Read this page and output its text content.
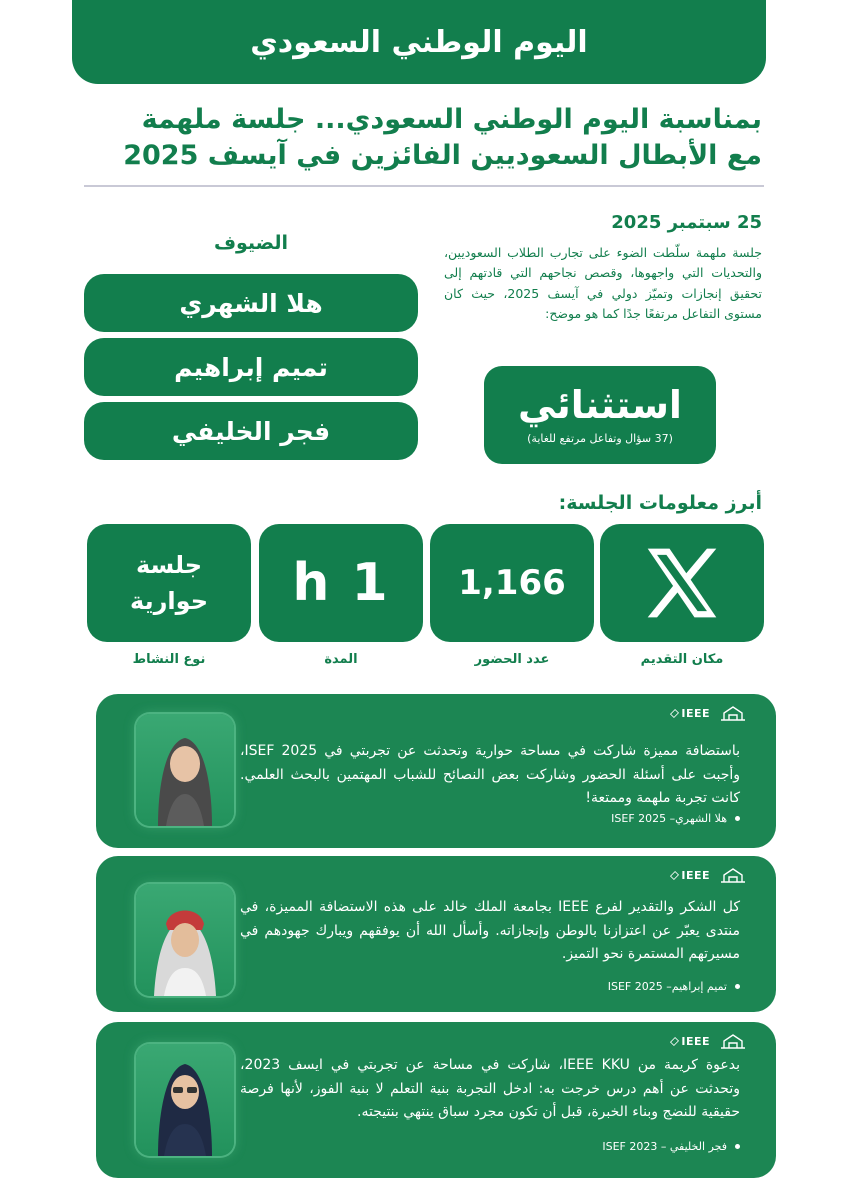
اليوم الوطني السعودي
بمناسبة اليوم الوطني السعودي... جلسة ملهمة
مع الأبطال السعوديين الفائزين في آيسف 2025
25 سبتمبر 2025
جلسة ملهمة سلّطت الضوء على تجارب الطلاب السعوديين، والتحديات التي واجهوها، وقصص نجاحهم التي قادتهم إلى تحقيق إنجازات وتميّز دولي في آيسف 2025، حيث كان مستوى التفاعل مرتفعًا جدًا كما هو موضح:
استثنائي
(37 سؤال وتفاعل مرتفع للغاية)
الضيوف
هلا الشهري
تميم إبراهيم
فجر الخليفي
أبرز معلومات الجلسة:
1,166
1 h
جلسة
حوارية
مكان التقديم
عدد الحضور
المدة
نوع النشاط
IEEE
باستضافة مميزة شاركت في مساحة حوارية وتحدثت عن تجربتي في ISEF 2025، وأجبت على أسئلة الحضور وشاركت بعض النصائح للشباب المهتمين بالبحث العلمي. كانت تجربة ملهمة وممتعة!
هلا الشهري– ISEF 2025
IEEE
كل الشكر والتقدير لفرع IEEE بجامعة الملك خالد على هذه الاستضافة المميزة، في منتدى يعبّر عن اعتزازنا بالوطن وإنجازاته. وأسأل الله أن يوفقهم ويبارك جهودهم في مسيرتهم المستمرة نحو التميز.
تميم إبراهيم– ISEF 2025
IEEE
بدعوة كريمة من IEEE KKU، شاركت في مساحة عن تجربتي في ايسف 2023، وتحدثت عن أهم درس خرجت به: ادخل التجربة بنية التعلم لا بنية الفوز، لأنها فرصة حقيقية للنضج وبناء الخبرة، قبل أن تكون مجرد سباق ينتهي بنتيجته.
فجر الخليفي – ISEF 2023
